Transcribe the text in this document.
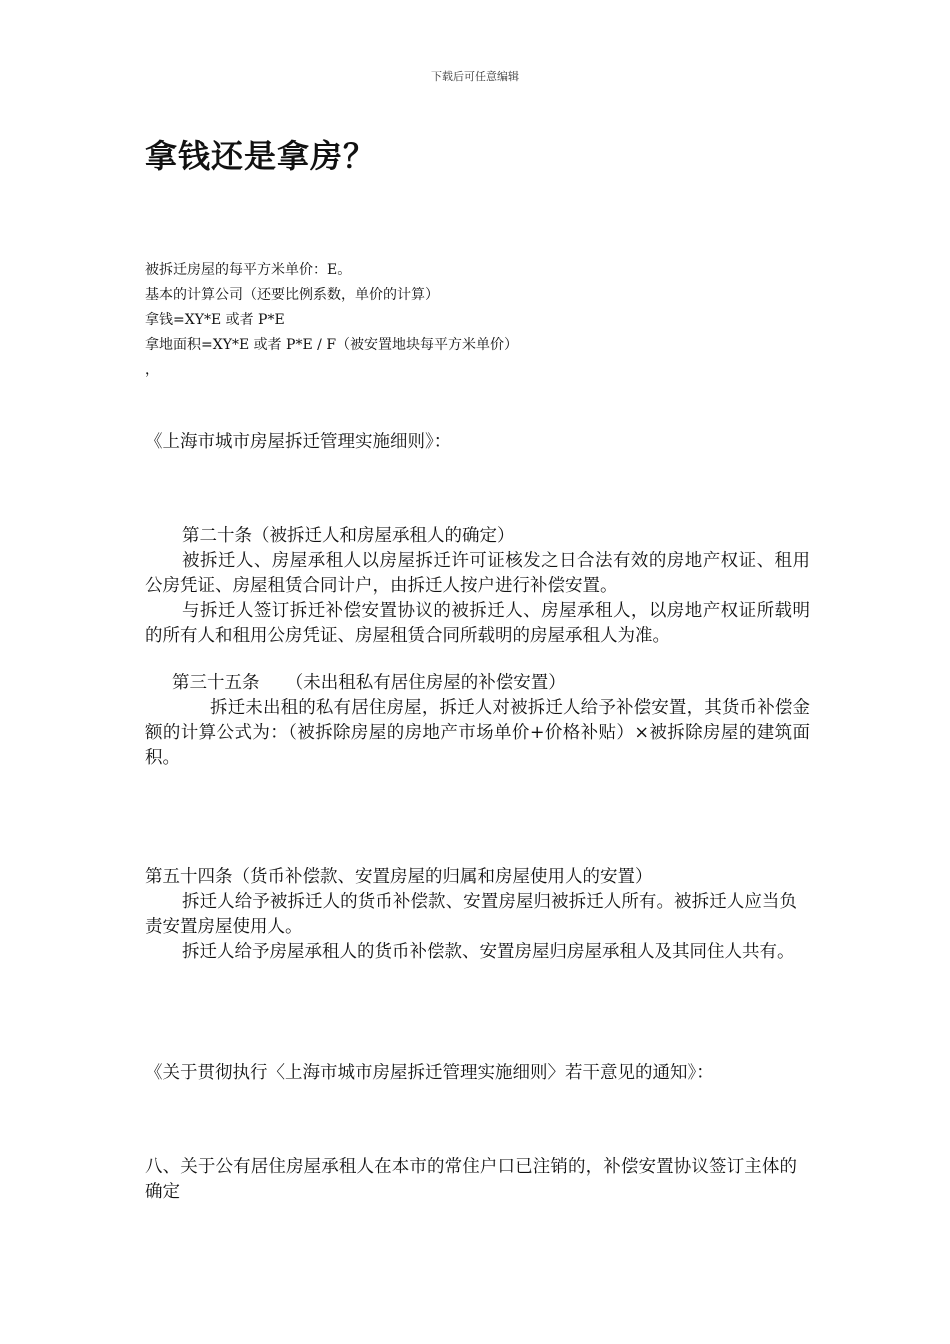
下载后可任意编辑
拿钱还是拿房？

被拆迁房屋的每平方米单价：E。

基本的计算公司（还要比例系数，单价的计算）

拿钱=XY*E 或者 P*E

拿地面积=XY*E 或者 P*E / F（被安置地块每平方米单价）

，

《上海市城市房屋拆迁管理实施细则》：

第二十条（被拆迁人和房屋承租人的确定）

被拆迁人、房屋承租人以房屋拆迁许可证核发之日合法有效的房地产权证、租用公房凭证、房屋租赁合同计户，由拆迁人按户进行补偿安置。

与拆迁人签订拆迁补偿安置协议的被拆迁人、房屋承租人，以房地产权证所载明的所有人和租用公房凭证、房屋租赁合同所载明的房屋承租人为准。

第三十五条　　（未出租私有居住房屋的补偿安置）

拆迁未出租的私有居住房屋，拆迁人对被拆迁人给予补偿安置，其货币补偿金额的计算公式为：（被拆除房屋的房地产市场单价+价格补贴）×被拆除房屋的建筑面积。

第五十四条（货币补偿款、安置房屋的归属和房屋使用人的安置）

拆迁人给予被拆迁人的货币补偿款、安置房屋归被拆迁人所有。被拆迁人应当负责安置房屋使用人。

拆迁人给予房屋承租人的货币补偿款、安置房屋归房屋承租人及其同住人共有。

《关于贯彻执行〈上海市城市房屋拆迁管理实施细则〉若干意见的通知》：

八、关于公有居住房屋承租人在本市的常住户口已注销的，补偿安置协议签订主体的确定
